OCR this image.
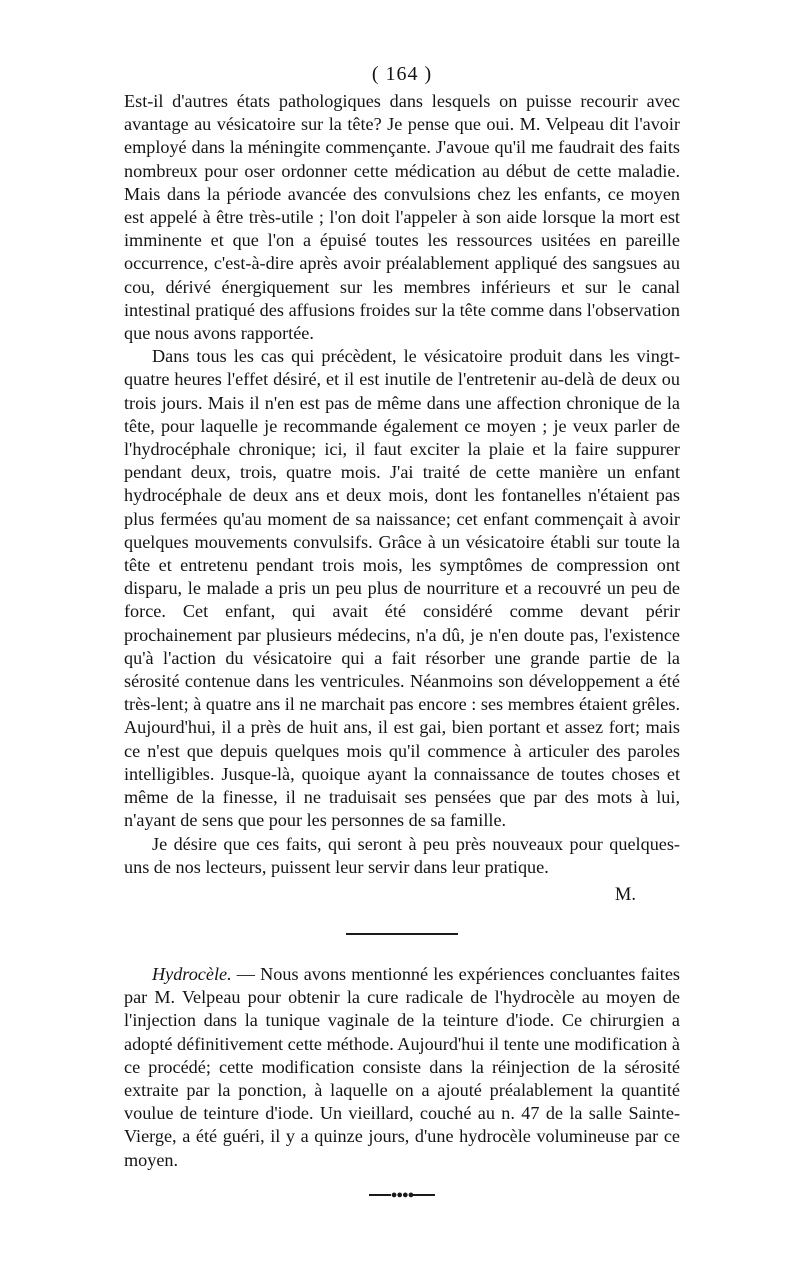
( 164 )

Est-il d'autres états pathologiques dans lesquels on puisse recourir avec avantage au vésicatoire sur la tête? Je pense que oui. M. Velpeau dit l'avoir employé dans la méningite commençante. J'avoue qu'il me faudrait des faits nombreux pour oser ordonner cette médication au début de cette maladie. Mais dans la période avancée des convulsions chez les enfants, ce moyen est appelé à être très-utile ; l'on doit l'appeler à son aide lorsque la mort est imminente et que l'on a épuisé toutes les ressources usitées en pareille occurrence, c'est-à-dire après avoir préalablement appliqué des sangsues au cou, dérivé énergiquement sur les membres inférieurs et sur le canal intestinal pratiqué des affusions froides sur la tête comme dans l'observation que nous avons rapportée.

Dans tous les cas qui précèdent, le vésicatoire produit dans les vingt-quatre heures l'effet désiré, et il est inutile de l'entretenir au-delà de deux ou trois jours. Mais il n'en est pas de même dans une affection chronique de la tête, pour laquelle je recommande également ce moyen ; je veux parler de l'hydrocéphale chronique; ici, il faut exciter la plaie et la faire suppurer pendant deux, trois, quatre mois. J'ai traité de cette manière un enfant hydrocéphale de deux ans et deux mois, dont les fontanelles n'étaient pas plus fermées qu'au moment de sa naissance; cet enfant commençait à avoir quelques mouvements convulsifs. Grâce à un vésicatoire établi sur toute la tête et entretenu pendant trois mois, les symptômes de compression ont disparu, le malade a pris un peu plus de nourriture et a recouvré un peu de force. Cet enfant, qui avait été considéré comme devant périr prochainement par plusieurs médecins, n'a dû, je n'en doute pas, l'existence qu'à l'action du vésicatoire qui a fait résorber une grande partie de la sérosité contenue dans les ventricules. Néanmoins son développement a été très-lent; à quatre ans il ne marchait pas encore : ses membres étaient grêles. Aujourd'hui, il a près de huit ans, il est gai, bien portant et assez fort; mais ce n'est que depuis quelques mois qu'il commence à articuler des paroles intelligibles. Jusque-là, quoique ayant la connaissance de toutes choses et même de la finesse, il ne traduisait ses pensées que par des mots à lui, n'ayant de sens que pour les personnes de sa famille.

Je désire que ces faits, qui seront à peu près nouveaux pour quelques-uns de nos lecteurs, puissent leur servir dans leur pratique.

M.

Hydrocèle. — Nous avons mentionné les expériences concluantes faites par M. Velpeau pour obtenir la cure radicale de l'hydrocèle au moyen de l'injection dans la tunique vaginale de la teinture d'iode. Ce chirurgien a adopté définitivement cette méthode. Aujourd'hui il tente une modification à ce procédé; cette modification consiste dans la réinjection de la sérosité extraite par la ponction, à laquelle on a ajouté préalablement la quantité voulue de teinture d'iode. Un vieillard, couché au n. 47 de la salle Sainte-Vierge, a été guéri, il y a quinze jours, d'une hydrocèle volumineuse par ce moyen.

●●●●
